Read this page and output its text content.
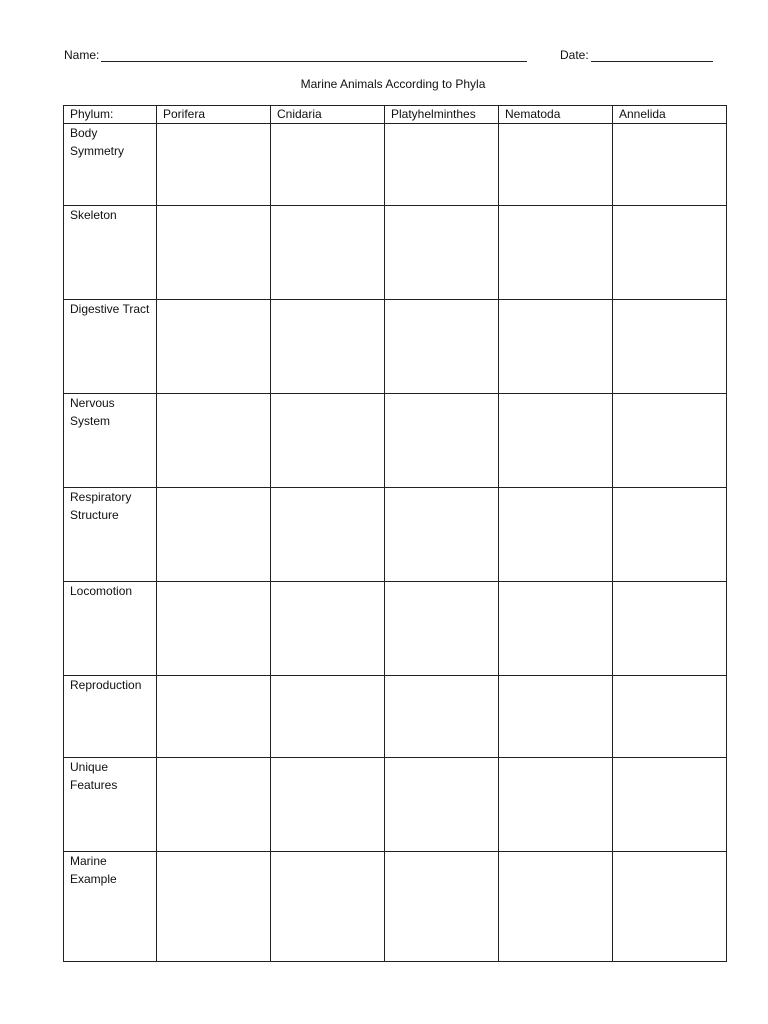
Name:	Date:
Marine Animals According to Phyla
Phylum:	Porifera	Cnidaria	Platyhelminthes	Nematoda	Annelida
Body Symmetry					
Skeleton					
Digestive Tract					
Nervous System					
Respiratory Structure					
Locomotion					
Reproduction					
Unique Features					
Marine Example					
